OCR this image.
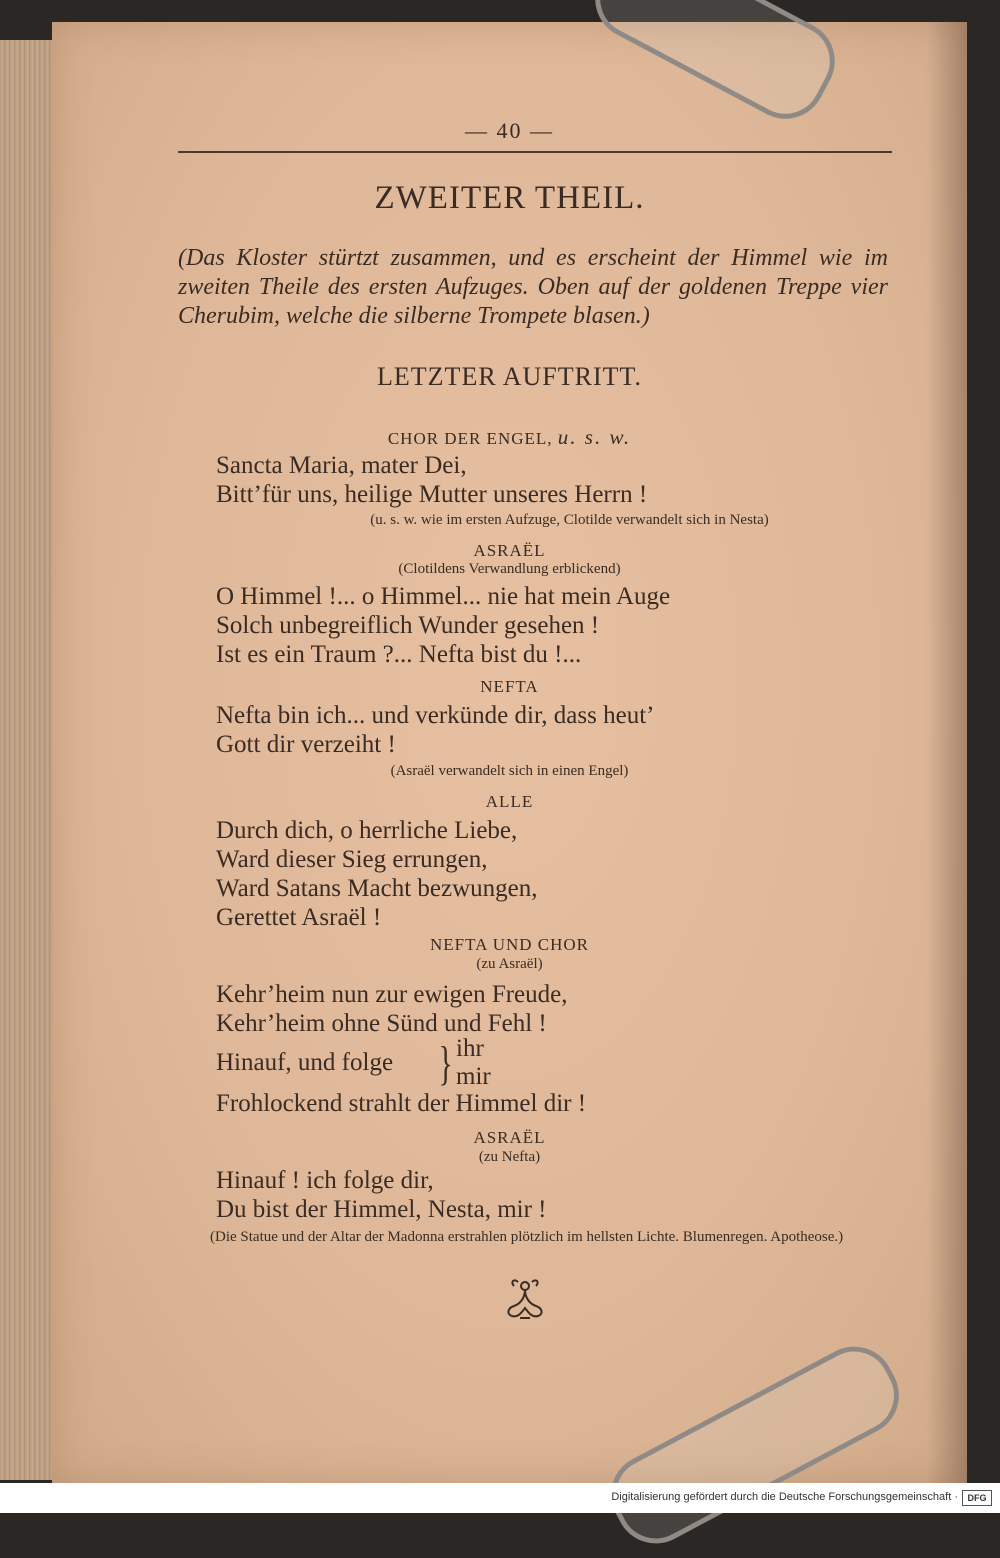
— 40 —
ZWEITER THEIL.
(Das Kloster stürtzt zusammen, und es erscheint der Himmel wie im zweiten Theile des ersten Aufzuges. Oben auf der goldenen Treppe vier Cherubim, welche die silberne Trompete blasen.)
LETZTER AUFTRITT.
CHOR DER ENGEL, u. s. w.
Sancta Maria, mater Dei,
Bitt’für uns, heilige Mutter unseres Herrn !
(u. s. w. wie im ersten Aufzuge, Clotilde verwandelt sich in Nesta)
ASRAËL
(Clotildens Verwandlung erblickend)
O Himmel !... o Himmel... nie hat mein Auge
Solch unbegreiflich Wunder gesehen !
Ist es ein Traum ?... Nefta bist du !...
NEFTA
Nefta bin ich... und verkünde dir, dass heut’
Gott dir verzeiht !
(Asraël verwandelt sich in einen Engel)
ALLE
Durch dich, o herrliche Liebe,
Ward dieser Sieg errungen,
Ward Satans Macht bezwungen,
Gerettet Asraël !
NEFTA UND CHOR
(zu Asraël)
Kehr’heim nun zur ewigen Freude,
Kehr’heim ohne Sünd und Fehl !
Hinauf, und folge } ihr
mir
Frohlockend strahlt der Himmel dir !
ASRAËL
(zu Nefta)
Hinauf ! ich folge dir,
Du bist der Himmel, Nesta, mir !
(Die Statue und der Altar der Madonna erstrahlen plötzlich im hellsten Lichte. Blumenregen. Apotheose.)
Digitalisierung gefördert durch die Deutsche Forschungsgemeinschaft ·	DFG
